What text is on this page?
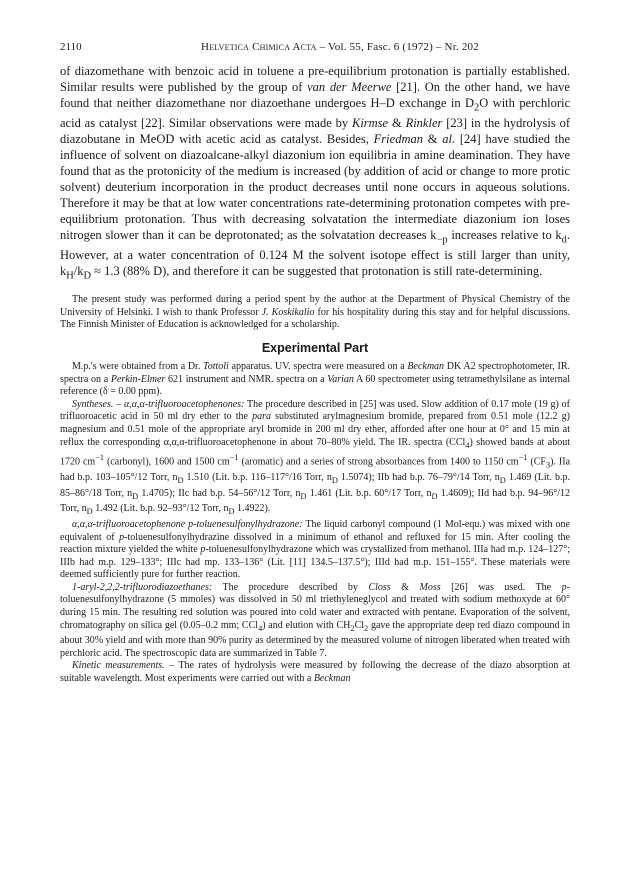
2110	Helvetica Chimica Acta – Vol. 55, Fasc. 6 (1972) – Nr. 202

of diazomethane with benzoic acid in toluene a pre-equilibrium protonation is partially established. Similar results were published by the group of van der Meerwe [21]. On the other hand, we have found that neither diazomethane nor diazoethane undergoes H–D exchange in $D_2O$ with perchloric acid as catalyst [22]. Similar observations were made by Kirmse & Rinkler [23] in the hydrolysis of diazobutane in MeOD with acetic acid as catalyst. Besides, Friedman & al. [24] have studied the influence of solvent on diazoalcane-alkyl diazonium ion equilibria in amine deamination. They have found that as the protonicity of the medium is increased (by addition of acid or change to more protic solvent) deuterium incorporation in the product decreases until none occurs in aqueous solutions. Therefore it may be that at low water concentrations rate-determining protonation competes with pre-equilibrium protonation. Thus with decreasing solvatation the intermediate diazonium ion loses nitrogen slower than it can be deprotonated; as the solvatation decreases $k_{-p}$ increases relative to $k_d$. However, at a water concentration of 0.124 M the solvent isotope effect is still larger than unity, $k_H/k_D \approx 1.3$ (88% D), and therefore it can be suggested that protonation is still rate-determining.

The present study was performed during a period spent by the author at the Department of Physical Chemistry of the University of Helsinki. I wish to thank Professor J. Koskikalio for his hospitality during this stay and for helpful discussions. The Finnish Minister of Education is acknowledged for a scholarship.

Experimental Part

M.p.'s were obtained from a Dr. Tottoli apparatus. UV. spectra were measured on a Beckman DK A2 spectrophotometer, IR. spectra on a Perkin-Elmer 621 instrument and NMR. spectra on a Varian A 60 spectrometer using tetramethylsilane as internal reference (δ = 0.00 ppm).

Syntheses. – α,α,α-trifluoroacetophenones: The procedure described in [25] was used. Slow addition of 0.17 mole (19 g) of trifluoroacetic acid in 50 ml dry ether to the para substituted arylmagnesium bromide, prepared from 0.51 mole (12.2 g) magnesium and 0.51 mole of the appropriate aryl bromide in 200 ml dry ether, afforded after one hour at 0° and 15 min at reflux the corresponding α,α,α-trifluoroacetophenone in about 70–80% yield. The IR. spectra (CCl$_4$) showed bands at about 1720 $cm^{-1}$ (carbonyl), 1600 and 1500 $cm^{-1}$ (aromatic) and a series of strong absorbances from 1400 to 1150 $cm^{-1}$ $(CF_3)$. IIa had b.p. 103–105°/12 Torr, $n_D$ 1.510 (Lit. b.p. 116–117°/16 Torr, $n_D$ 1.5074); IIb had b.p. 76–79°/14 Torr, $n_D$ 1.469 (Lit. b.p. 85–86°/18 Torr, $n_D$ 1.4705); IIc had b.p. 54–56°/12 Torr, $n_D$ 1.461 (Lit. b.p. 60°/17 Torr, $n_D$ 1.4609); IId had b.p. 94–96°/12 Torr, $n_D$ 1.492 (Lit. b.p. 92–93°/12 Torr, $n_D$ 1.4922).

α,α,α-trifluoroacetophenone p-toluenesulfonylhydrazone: The liquid carbonyl compound (1 Mol-equ.) was mixed with one equivalent of p-toluenesulfonylhydrazine dissolved in a minimum of ethanol and refluxed for 15 min. After cooling the reaction mixture yielded the white p-toluenesulfonylhydrazone which was crystallized from methanol. IIIa had m.p. 124–127°; IIIb had m.p. 129–133°; IIIc had mp. 133–136° (Lit. [11] 134.5–137.5°); IIId had m.p. 151–155°. These materials were deemed sufficiently pure for further reaction.

1-aryl-2,2,2-trifluorodiazoethanes: The procedure described by Closs & Moss [26] was used. The p-toluenesulfonylhydrazone (5 mmoles) was dissolved in 50 ml triethyleneglycol and treated with sodium methoxyde at 60° during 15 min. The resulting red solution was poured into cold water and extracted with pentane. Evaporation of the solvent, chromatography on silica gel (0.05–0.2 mm; CCl$_4$) and elution with $CH_2Cl_2$ gave the appropriate deep red diazo compound in about 30% yield and with more than 90% purity as determined by the measured volume of nitrogen liberated when treated with perchloric acid. The spectroscopic data are summarized in Table 7.

Kinetic measurements. – The rates of hydrolysis were measured by following the decrease of the diazo absorption at suitable wavelength. Most experiments were carried out with a Beckman
